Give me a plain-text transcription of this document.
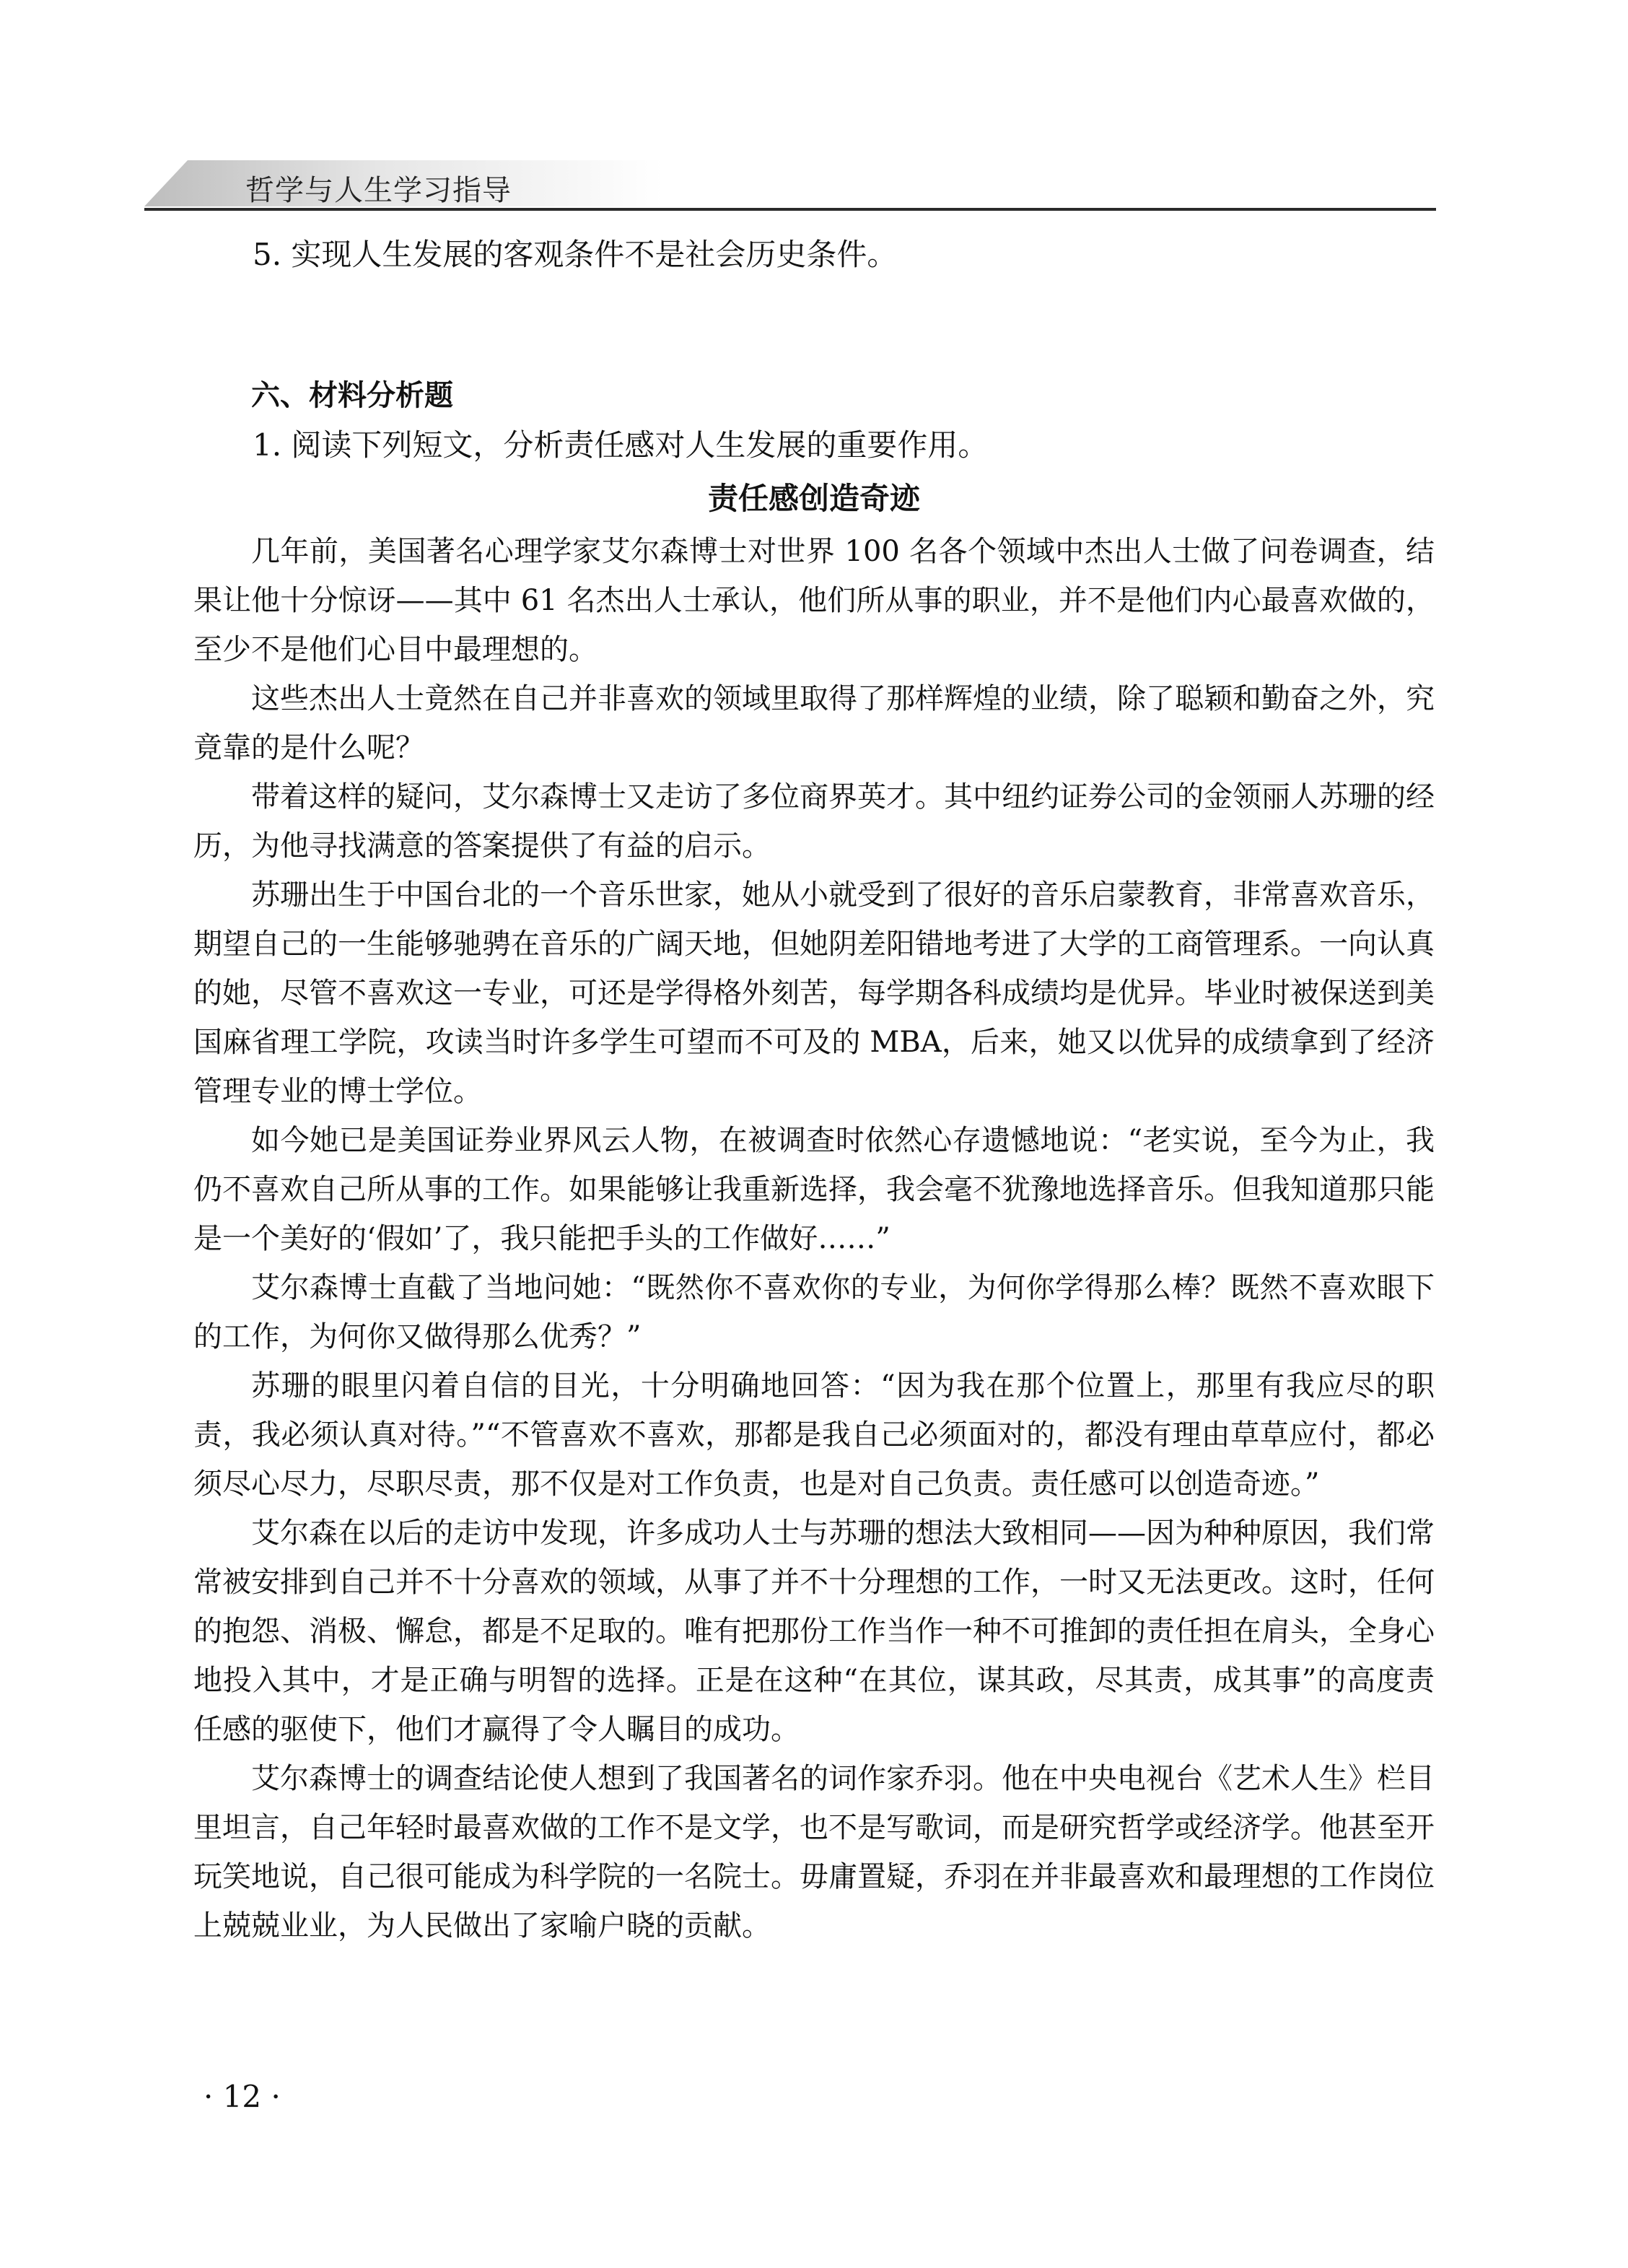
哲学与人生学习指导
5. 实现人生发展的客观条件不是社会历史条件。
六、材料分析题
1. 阅读下列短文，分析责任感对人生发展的重要作用。
责任感创造奇迹

几年前，美国著名心理学家艾尔森博士对世界 100 名各个领域中杰出人士做了问卷调查，结果让他十分惊讶——其中 61 名杰出人士承认，他们所从事的职业，并不是他们内心最喜欢做的，至少不是他们心目中最理想的。

这些杰出人士竟然在自己并非喜欢的领域里取得了那样辉煌的业绩，除了聪颖和勤奋之外，究竟靠的是什么呢？

带着这样的疑问，艾尔森博士又走访了多位商界英才。其中纽约证券公司的金领丽人苏珊的经历，为他寻找满意的答案提供了有益的启示。

苏珊出生于中国台北的一个音乐世家，她从小就受到了很好的音乐启蒙教育，非常喜欢音乐，期望自己的一生能够驰骋在音乐的广阔天地，但她阴差阳错地考进了大学的工商管理系。一向认真的她，尽管不喜欢这一专业，可还是学得格外刻苦，每学期各科成绩均是优异。毕业时被保送到美国麻省理工学院，攻读当时许多学生可望而不可及的 MBA，后来，她又以优异的成绩拿到了经济管理专业的博士学位。

如今她已是美国证券业界风云人物，在被调查时依然心存遗憾地说：“老实说，至今为止，我仍不喜欢自己所从事的工作。如果能够让我重新选择，我会毫不犹豫地选择音乐。但我知道那只能是一个美好的‘假如’了，我只能把手头的工作做好……”

艾尔森博士直截了当地问她：“既然你不喜欢你的专业，为何你学得那么棒？既然不喜欢眼下的工作，为何你又做得那么优秀？”

苏珊的眼里闪着自信的目光，十分明确地回答：“因为我在那个位置上，那里有我应尽的职责，我必须认真对待。”“不管喜欢不喜欢，那都是我自己必须面对的，都没有理由草草应付，都必须尽心尽力，尽职尽责，那不仅是对工作负责，也是对自己负责。责任感可以创造奇迹。”

艾尔森在以后的走访中发现，许多成功人士与苏珊的想法大致相同——因为种种原因，我们常常被安排到自己并不十分喜欢的领域，从事了并不十分理想的工作，一时又无法更改。这时，任何的抱怨、消极、懈怠，都是不足取的。唯有把那份工作当作一种不可推卸的责任担在肩头，全身心地投入其中，才是正确与明智的选择。正是在这种“在其位，谋其政，尽其责，成其事”的高度责任感的驱使下，他们才赢得了令人瞩目的成功。

艾尔森博士的调查结论使人想到了我国著名的词作家乔羽。他在中央电视台《艺术人生》栏目里坦言，自己年轻时最喜欢做的工作不是文学，也不是写歌词，而是研究哲学或经济学。他甚至开玩笑地说，自己很可能成为科学院的一名院士。毋庸置疑，乔羽在并非最喜欢和最理想的工作岗位上兢兢业业，为人民做出了家喻户晓的贡献。

· 12 ·
